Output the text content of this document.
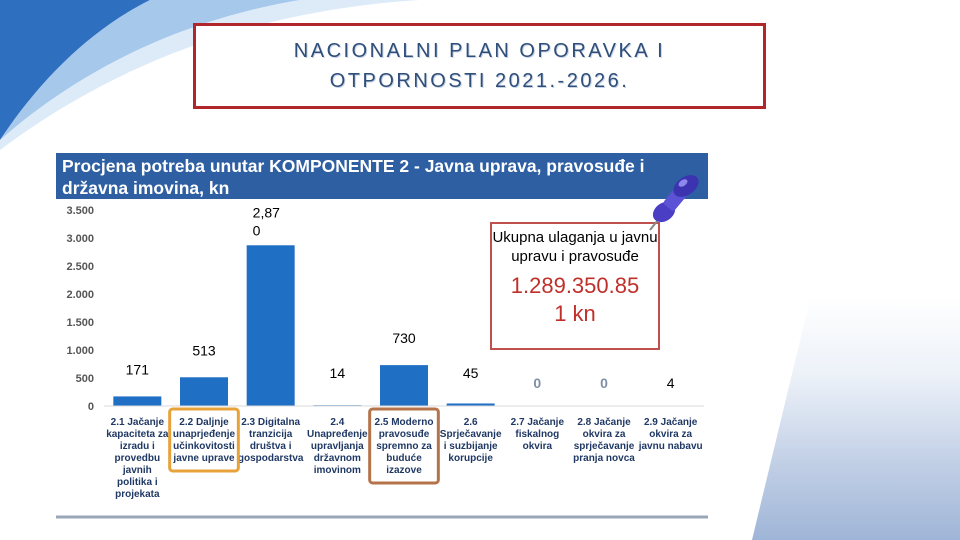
NACIONALNI PLAN OPORAVKA I
OTPORNOSTI 2021.-2026.
0
500
1.000
1.500
2.000
2.500
3.000
3.500
171
2.1 Jačanje
kapaciteta za
izradu i
provedbu
javnih
politika i
projekata
513
2.2 Daljnje
unaprjeđenje
učinkovitosti
javne uprave
2,87
0
2.3 Digitalna
tranzicija
društva i
gospodarstva
14
2.4
Unapređenje
upravljanja
državnom
imovinom
730
2.5 Moderno
pravosuđe
spremno za
buduće
izazove
45
2.6
Sprječavanje
i suzbijanje
korupcije
0
2.7 Jačanje
fiskalnog
okvira
0
2.8 Jačanje
okvira za
sprječavanje
pranja novca
4
2.9 Jačanje
okvira za
javnu nabavu
Procjena potreba unutar KOMPONENTE 2 - Javna uprava, pravosuđe i
državna imovina, kn
Ukupna ulaganja u javnu upravu i pravosuđe
1.289.350.85
1 kn
